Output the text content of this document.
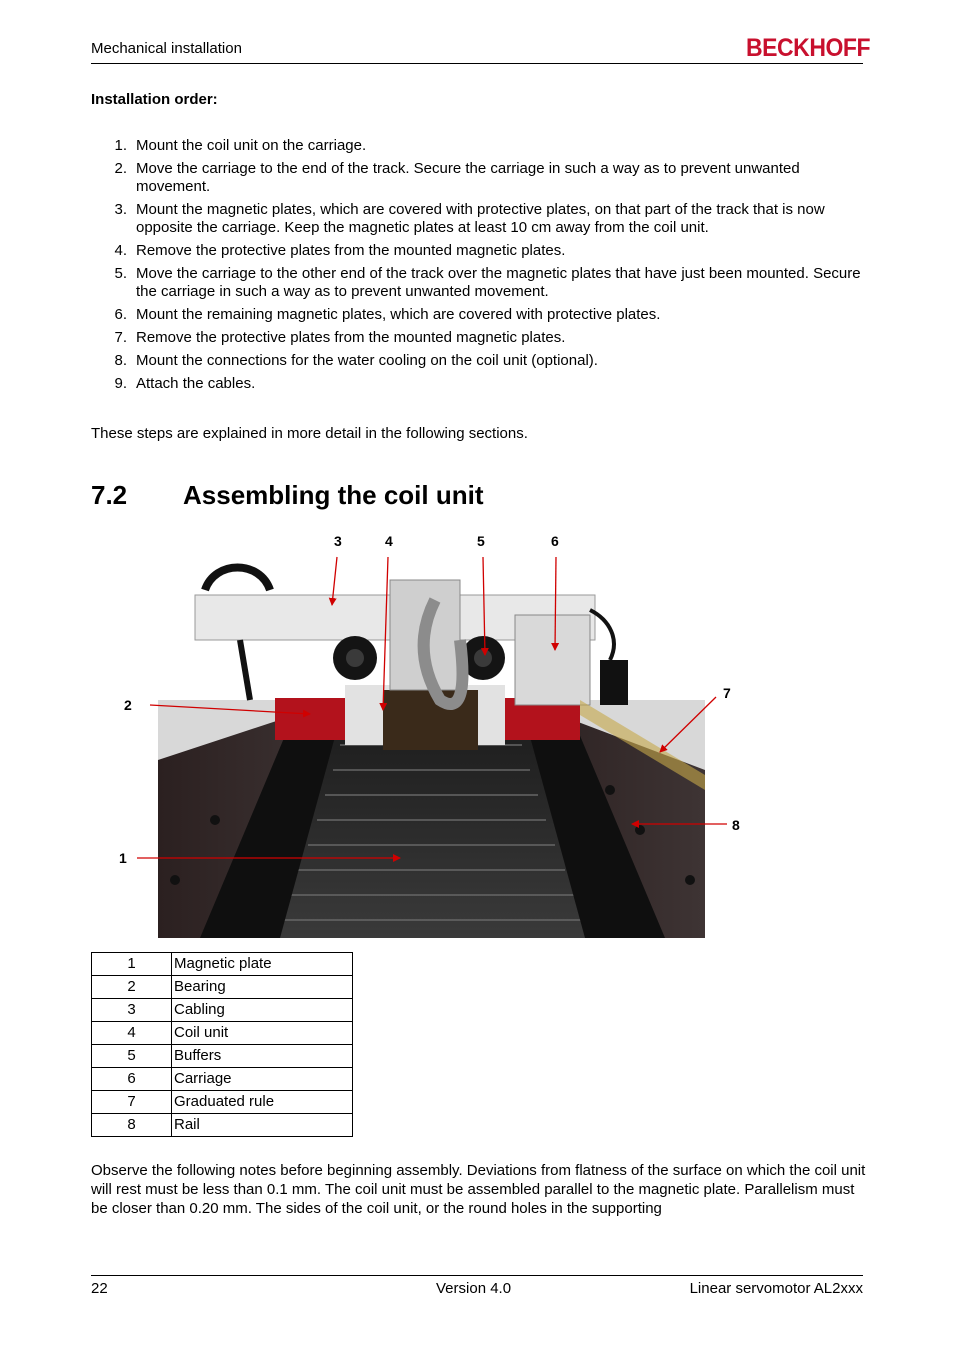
Mechanical installation	BECKHOFF
Installation order:
1. Mount the coil unit on the carriage.
2. Move the carriage to the end of the track. Secure the carriage in such a way as to prevent unwanted movement.
3. Mount the magnetic plates, which are covered with protective plates, on that part of the track that is now opposite the carriage. Keep the magnetic plates at least 10 cm away from the coil unit.
4. Remove the protective plates from the mounted magnetic plates.
5. Move the carriage to the other end of the track over the magnetic plates that have just been mounted. Secure the carriage in such a way as to prevent unwanted movement.
6. Mount the remaining magnetic plates, which are covered with protective plates.
7. Remove the protective plates from the mounted magnetic plates.
8. Mount the connections for the water cooling on the coil unit (optional).
9. Attach the cables.
These steps are explained in more detail in the following sections.
7.2 Assembling the coil unit
1
2
3	4	5	6
7
8
1	Magnetic plate
2	Bearing
3	Cabling
4	Coil unit
5	Buffers
6	Carriage
7	Graduated rule
8	Rail
Observe the following notes before beginning assembly. Deviations from flatness of the surface on which the coil unit will rest must be less than 0.1 mm. The coil unit must be assembled parallel to the magnetic plate. Parallelism must be closer than 0.20 mm. The sides of the coil unit, or the round holes in the supporting
22	Version 4.0	Linear servomotor AL2xxx
